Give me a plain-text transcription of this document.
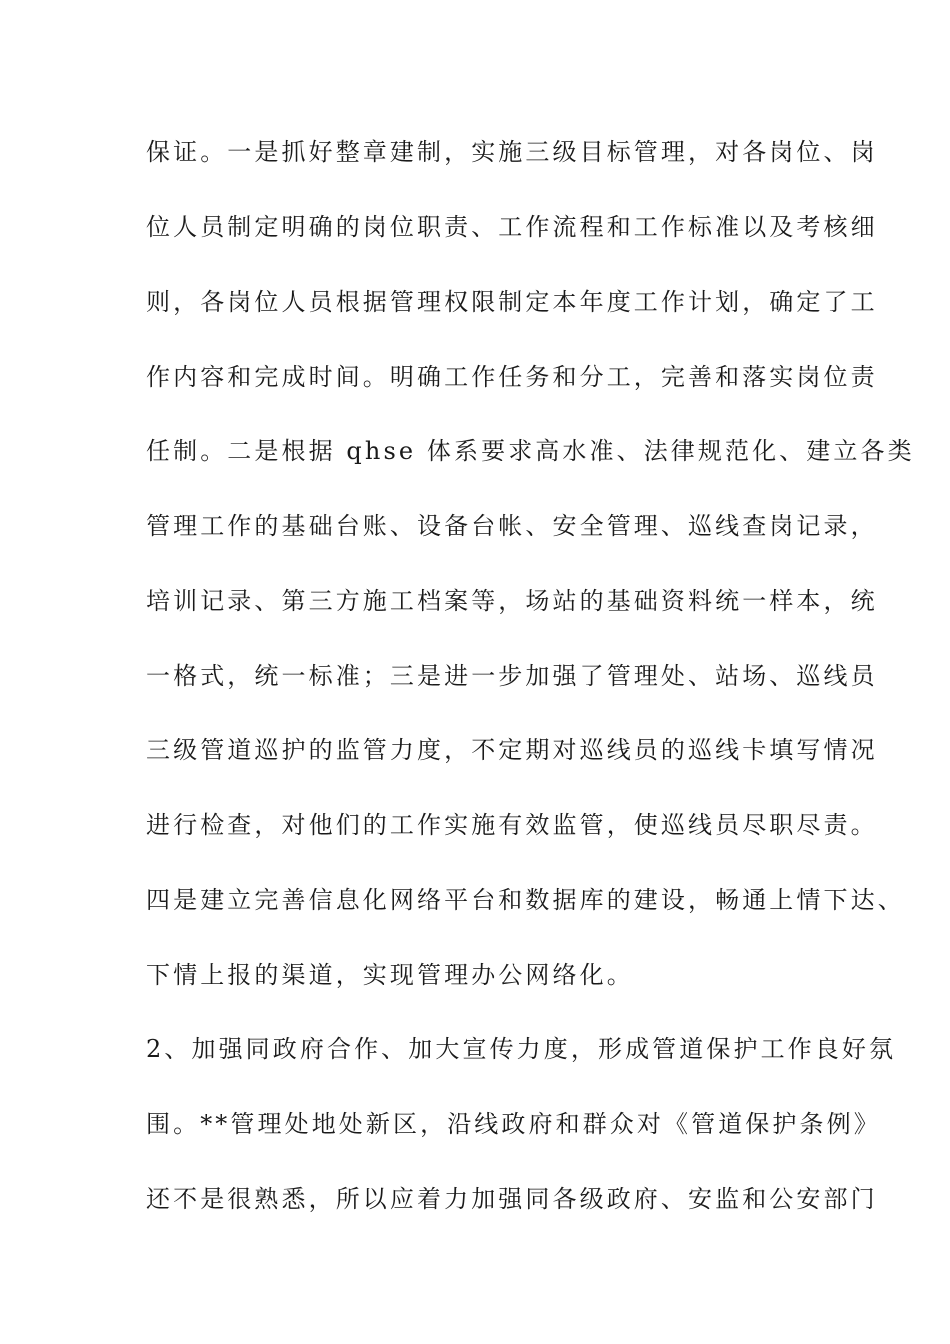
保证。一是抓好整章建制，实施三级目标管理，对各岗位、岗
位人员制定明确的岗位职责、工作流程和工作标准以及考核细
则，各岗位人员根据管理权限制定本年度工作计划，确定了工
作内容和完成时间。明确工作任务和分工，完善和落实岗位责
任制。二是根据 qhse 体系要求高水准、法律规范化、建立各类
管理工作的基础台账、设备台帐、安全管理、巡线查岗记录，
培训记录、第三方施工档案等，场站的基础资料统一样本，统
一格式，统一标准；三是进一步加强了管理处、站场、巡线员
三级管道巡护的监管力度，不定期对巡线员的巡线卡填写情况
进行检查，对他们的工作实施有效监管，使巡线员尽职尽责。
四是建立完善信息化网络平台和数据库的建设，畅通上情下达、
下情上报的渠道，实现管理办公网络化。
2、加强同政府合作、加大宣传力度，形成管道保护工作良好氛
围。**管理处地处新区，沿线政府和群众对《管道保护条例》
还不是很熟悉，所以应着力加强同各级政府、安监和公安部门
